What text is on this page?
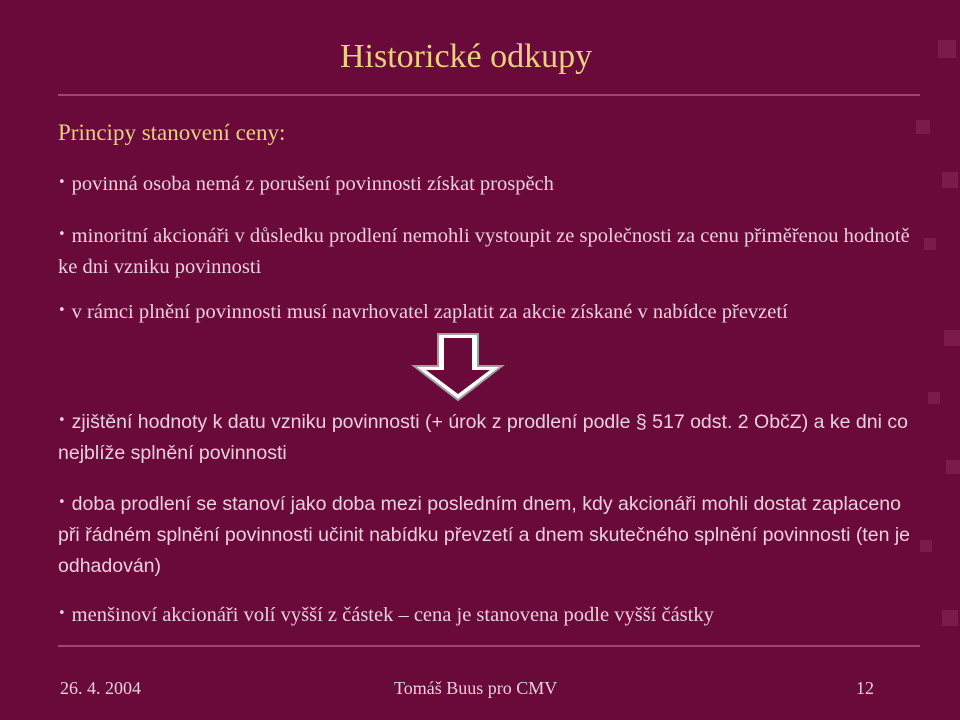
Historické odkupy
Principy stanovení ceny:
• povinná osoba nemá z porušení povinnosti získat prospěch
• minoritní akcionáři v důsledku prodlení nemohli vystoupit ze společnosti za cenu přiměřenou hodnotě ke dni vzniku povinnosti
• v rámci plnění povinnosti musí navrhovatel zaplatit za akcie získané v nabídce převzetí
• zjištění hodnoty k datu vzniku povinnosti (+ úrok z prodlení podle § 517 odst. 2 ObčZ) a ke dni co nejblíže splnění povinnosti
• doba prodlení se stanoví jako doba mezi posledním dnem, kdy akcionáři mohli dostat zaplaceno při řádném splnění povinnosti učinit nabídku převzetí a dnem skutečného splnění povinnosti (ten je odhadován)
• menšinoví akcionáři volí vyšší z částek – cena je stanovena podle vyšší částky
26. 4. 2004	Tomáš Buus pro CMV	12
